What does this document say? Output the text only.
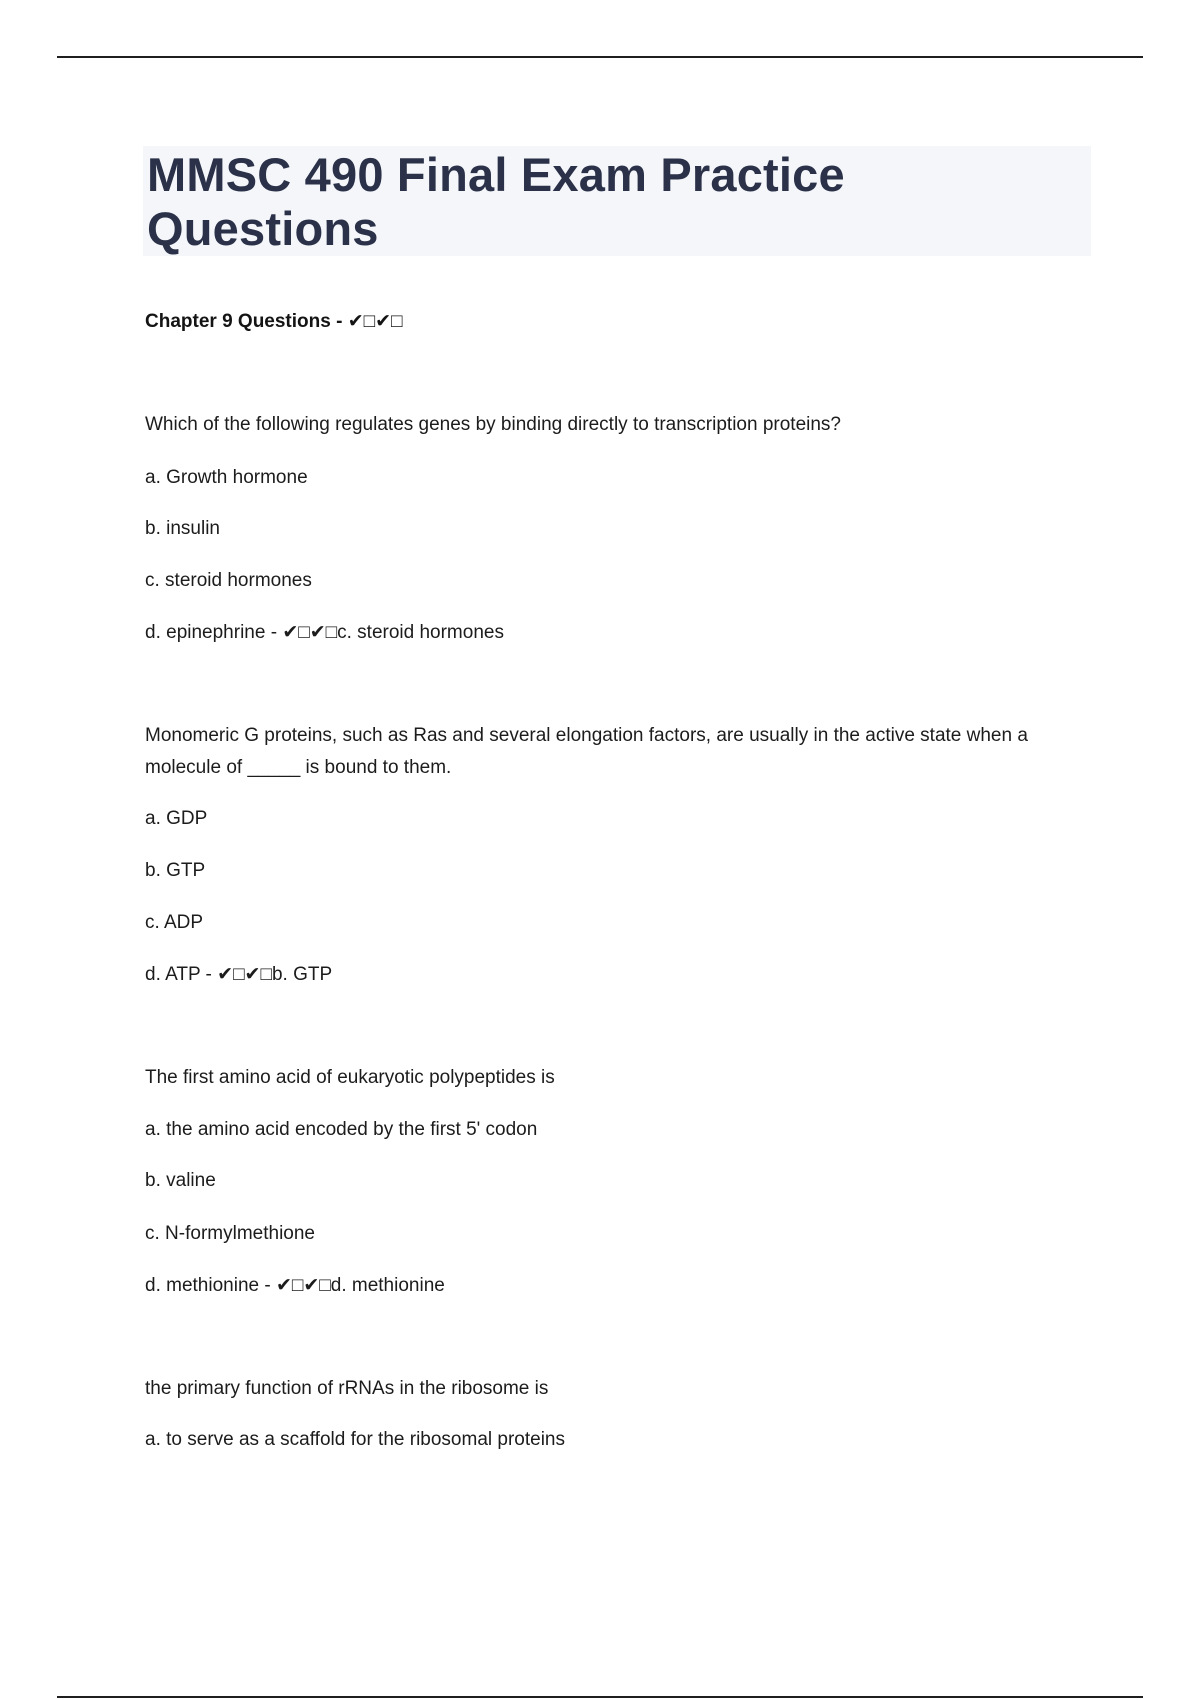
MMSC 490 Final Exam Practice Questions
Chapter 9 Questions - ✔□✔□
Which of the following regulates genes by binding directly to transcription proteins?
a. Growth hormone
b. insulin
c. steroid hormones
d. epinephrine - ✔□✔□c. steroid hormones
Monomeric G proteins, such as Ras and several elongation factors, are usually in the active state when a molecule of _____ is bound to them.
a. GDP
b. GTP
c. ADP
d. ATP - ✔□✔□b. GTP
The first amino acid of eukaryotic polypeptides is
a. the amino acid encoded by the first 5' codon
b. valine
c. N-formylmethione
d. methionine - ✔□✔□d. methionine
the primary function of rRNAs in the ribosome is
a. to serve as a scaffold for the ribosomal proteins
